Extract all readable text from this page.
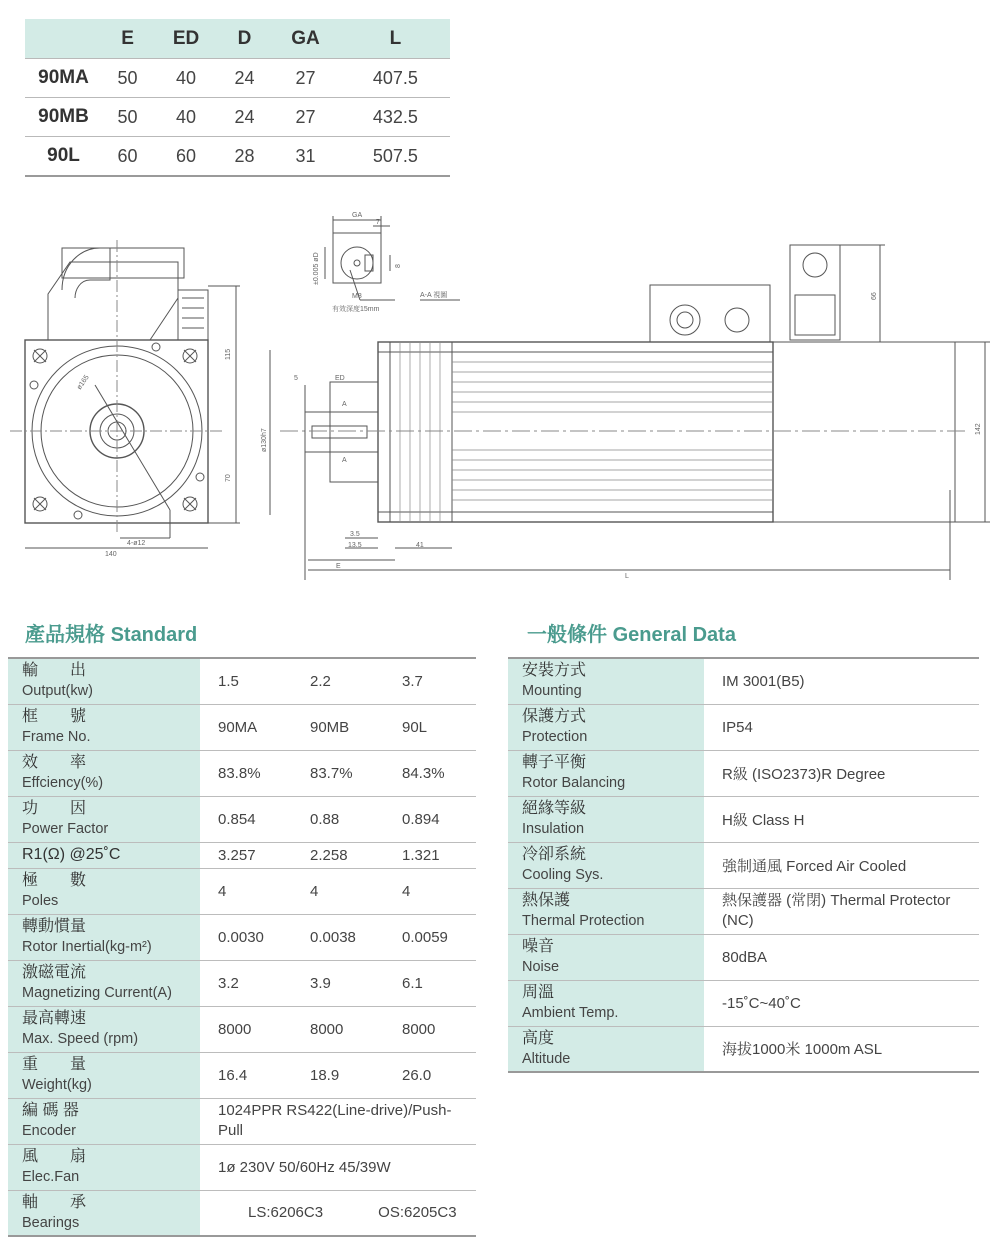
	E	ED	D	GA	L
90MA	50	40	24	27	407.5
90MB	50	40	24	27	432.5
90L	60	60	28	31	507.5
140
115
70
ø165
4-ø12
GA
7
8
±0.005 øD
M8
有效深度15mm
A-A 視圖
5	ED
A
A
ø130h7
3.5
13.5	41
E
L
66
142
產品規格 Standard	一般條件 General Data
輸　　出
Output(kw)	1.5	2.2	3.7

框　　號
Frame No.	90MA	90MB	90L

效　　率
Effciency(%)	83.8%	83.7%	84.3%

功　　因
Power Factor	0.854	0.88	0.894

R1(Ω) @25˚C	3.257	2.258	1.321

極　　數
Poles	4	4	4

轉動慣量
Rotor Inertial(kg-m²)	0.0030	0.0038	0.0059

激磁電流
Magnetizing Current(A)	3.2	3.9	6.1

最高轉速
Max. Speed (rpm)	8000	8000	8000

重　　量
Weight(kg)	16.4	18.9	26.0

編 碼 器
Encoder	1024PPR RS422(Line-drive)/Push-Pull		

風　　扇
Elec.Fan	1ø 230V 50/60Hz 45/39W		

軸　　承
Bearings	LS:6206C3 OS:6205C3		
安裝方式
Mounting	IM 3001(B5)

保護方式
Protection	IP54

轉子平衡
Rotor Balancing	R級 (ISO2373)R Degree

絕緣等級
Insulation	H級 Class H

冷卻系統
Cooling Sys.	強制通風 Forced Air Cooled

熱保護
Thermal Protection	熱保護器 (常閉) Thermal Protector (NC)

噪音
Noise	80dBA

周溫
Ambient Temp.	-15˚C~40˚C

高度
Altitude	海拔1000米 1000m ASL
